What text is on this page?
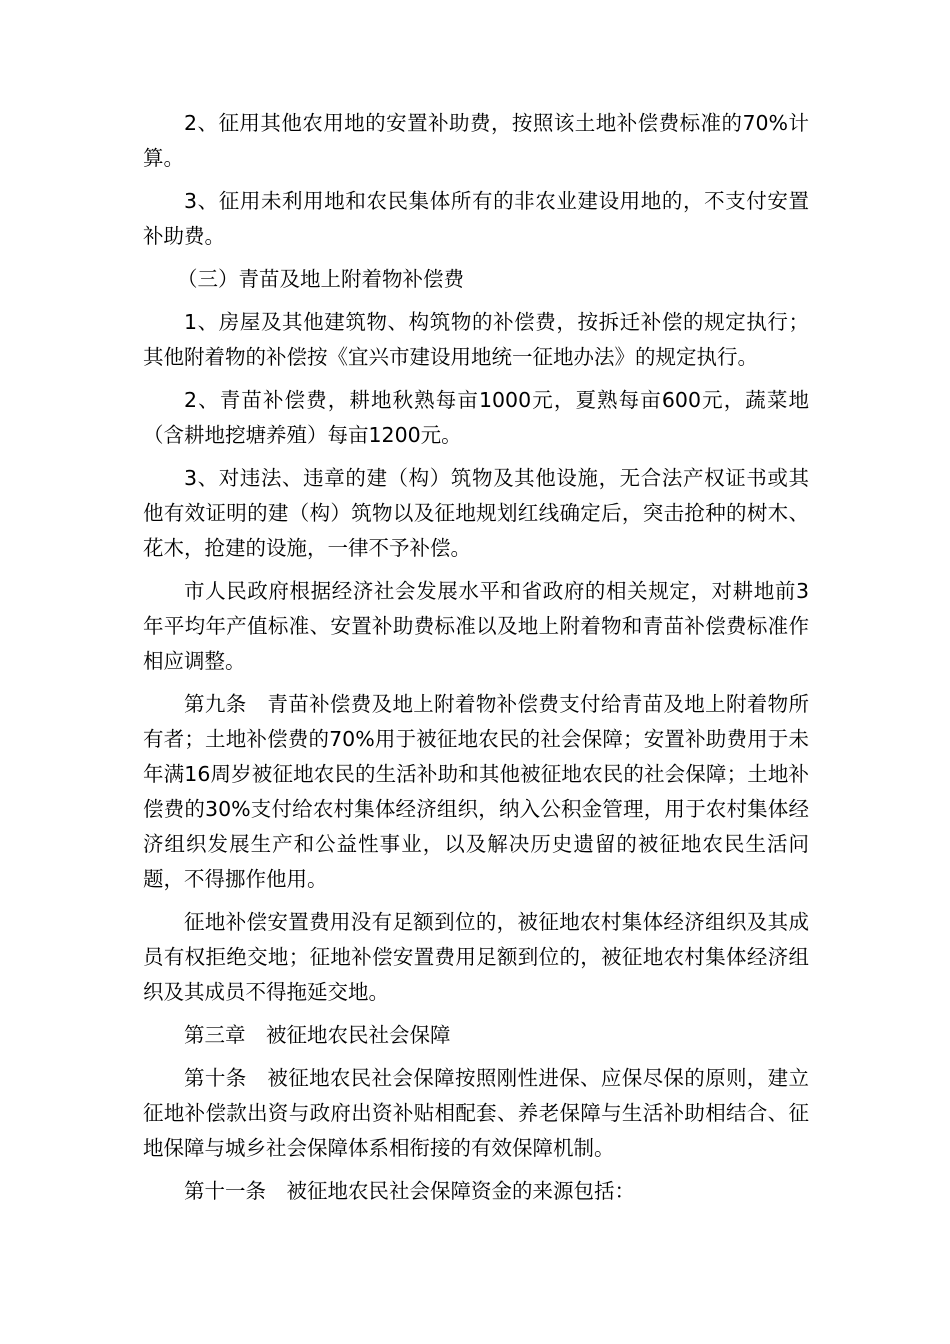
2、征用其他农用地的安置补助费，按照该土地补偿费标准的70%计算。

3、征用未利用地和农民集体所有的非农业建设用地的，不支付安置补助费。

（三）青苗及地上附着物补偿费

1、房屋及其他建筑物、构筑物的补偿费，按拆迁补偿的规定执行；其他附着物的补偿按《宜兴市建设用地统一征地办法》的规定执行。

2、青苗补偿费，耕地秋熟每亩1000元，夏熟每亩600元，蔬菜地（含耕地挖塘养殖）每亩1200元。

3、对违法、违章的建（构）筑物及其他设施，无合法产权证书或其他有效证明的建（构）筑物以及征地规划红线确定后，突击抢种的树木、花木，抢建的设施，一律不予补偿。

市人民政府根据经济社会发展水平和省政府的相关规定，对耕地前3年平均年产值标准、安置补助费标准以及地上附着物和青苗补偿费标准作相应调整。

第九条　青苗补偿费及地上附着物补偿费支付给青苗及地上附着物所有者；土地补偿费的70%用于被征地农民的社会保障；安置补助费用于未年满16周岁被征地农民的生活补助和其他被征地农民的社会保障；土地补偿费的30%支付给农村集体经济组织，纳入公积金管理，用于农村集体经济组织发展生产和公益性事业，以及解决历史遗留的被征地农民生活问题，不得挪作他用。

征地补偿安置费用没有足额到位的，被征地农村集体经济组织及其成员有权拒绝交地；征地补偿安置费用足额到位的，被征地农村集体经济组织及其成员不得拖延交地。

第三章　被征地农民社会保障

第十条　被征地农民社会保障按照刚性进保、应保尽保的原则，建立征地补偿款出资与政府出资补贴相配套、养老保障与生活补助相结合、征地保障与城乡社会保障体系相衔接的有效保障机制。

第十一条　被征地农民社会保障资金的来源包括：
